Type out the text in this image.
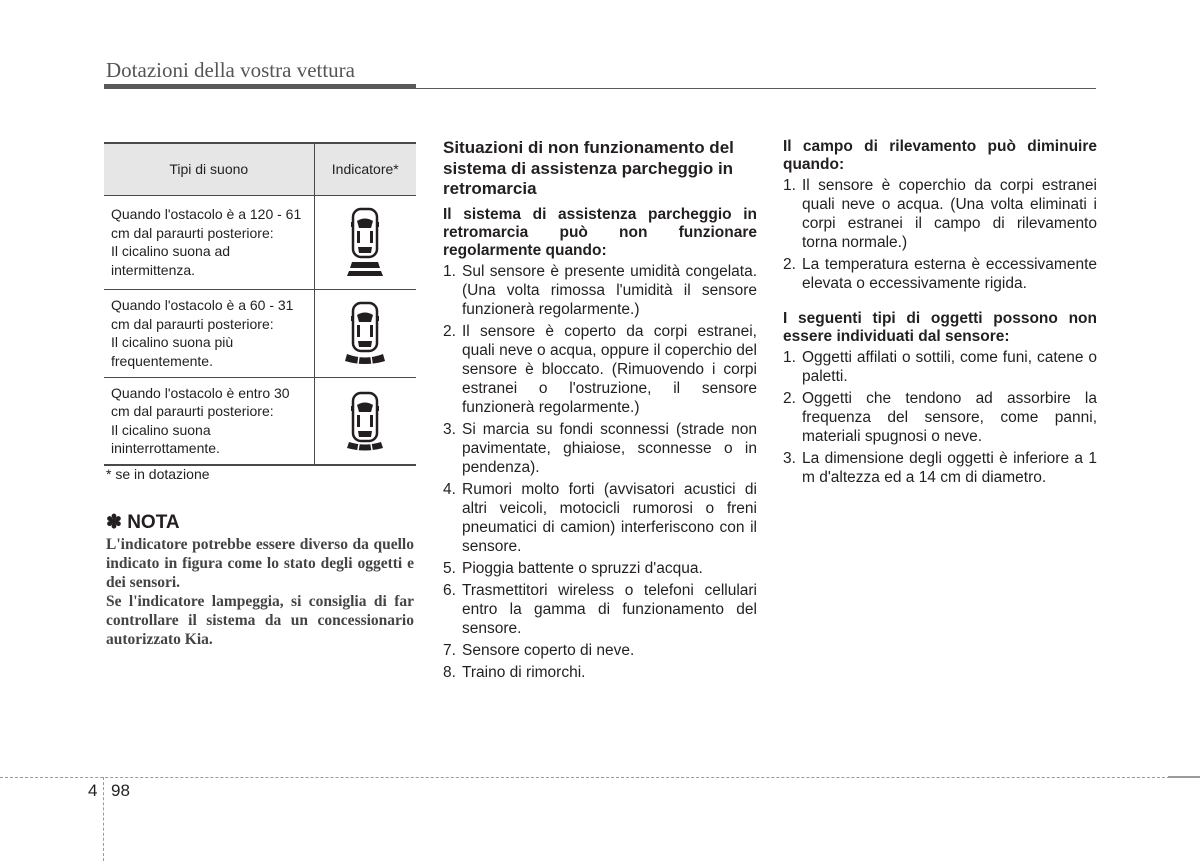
Dotazioni della vostra vettura
Tipi di suono	Indicatore*

Quando l'ostacolo è a 120 - 61
cm dal paraurti posteriore:
Il cicalino suona ad
intermittenza.

Quando l'ostacolo è a 60 - 31
cm dal paraurti posteriore:
Il cicalino suona più
frequentemente.

Quando l'ostacolo è entro 30
cm dal paraurti posteriore:
Il cicalino suona
ininterrottamente.

* se in dotazione
✽ NOTA

L'indicatore potrebbe essere diverso da quello indicato in figura come lo stato degli oggetti e dei sensori.

Se l'indicatore lampeggia, si consiglia di far controllare il sistema da un concessionario autorizzato Kia.

Situazioni di non funzionamento del sistema di assistenza parcheggio in retromarcia
Il sistema di assistenza parcheggio in retromarcia può non funzionare regolarmente quando:
1. Sul sensore è presente umidità congelata. (Una volta rimossa l'umidità il sensore funzionerà regolarmente.)
2. Il sensore è coperto da corpi estranei, quali neve o acqua, oppure il coperchio del sensore è bloccato. (Rimuovendo i corpi estranei o l'ostruzione, il sensore funzionerà regolarmente.)
3. Si marcia su fondi sconnessi (strade non pavimentate, ghiaiose, sconnesse o in pendenza).
4. Rumori molto forti (avvisatori acustici di altri veicoli, motocicli rumorosi o freni pneumatici di camion) interferiscono con il sensore.
5. Pioggia battente o spruzzi d'acqua.
6. Trasmettitori wireless o telefoni cellulari entro la gamma di funzionamento del sensore.
7. Sensore coperto di neve.
8. Traino di rimorchi.
Il campo di rilevamento può diminuire quando:
1. Il sensore è coperchio da corpi estranei quali neve o acqua. (Una volta eliminati i corpi estranei il campo di rilevamento torna normale.)
2. La temperatura esterna è eccessivamente elevata o eccessivamente rigida.
I seguenti tipi di oggetti possono non essere individuati dal sensore:
1. Oggetti affilati o sottili, come funi, catene o paletti.
2. Oggetti che tendono ad assorbire la frequenza del sensore, come panni, materiali spugnosi o neve.
3. La dimensione degli oggetti è inferiore a 1 m d'altezza ed a 14 cm di diametro.
4 98
